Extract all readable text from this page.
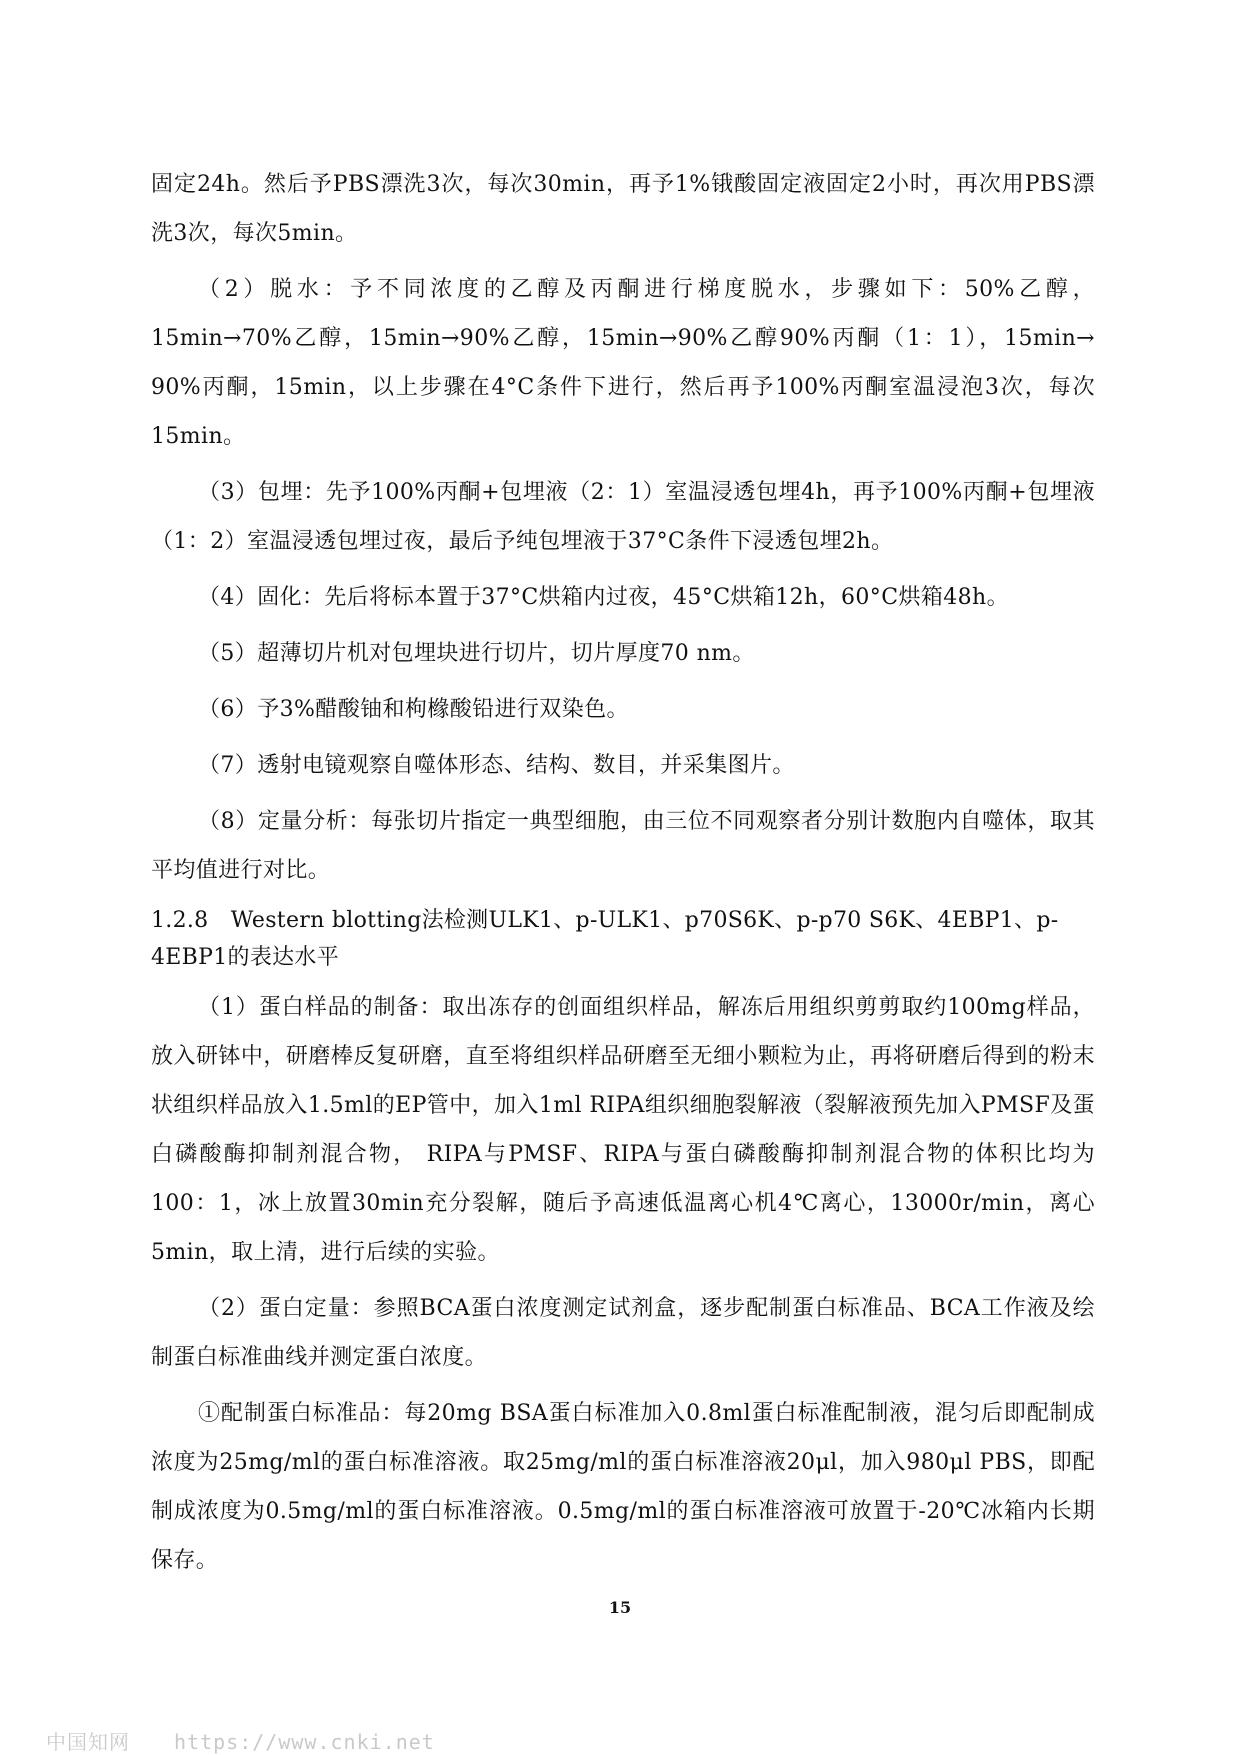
固定24h。然后予PBS漂洗3次，每次30min，再予1%锇酸固定液固定2小时，再次用PBS漂洗3次，每次5min。

（2）脱水：予不同浓度的乙醇及丙酮进行梯度脱水，步骤如下：50%乙醇，15min→70%乙醇，15min→90%乙醇，15min→90%乙醇90%丙酮（1：1），15min→ 90%丙酮，15min，以上步骤在4°C条件下进行，然后再予100%丙酮室温浸泡3次，每次15min。

（3）包埋：先予100%丙酮+包埋液（2：1）室温浸透包埋4h，再予100%丙酮+包埋液（1：2）室温浸透包埋过夜，最后予纯包埋液于37°C条件下浸透包埋2h。

（4）固化：先后将标本置于37°C烘箱内过夜，45°C烘箱12h，60°C烘箱48h。

（5）超薄切片机对包埋块进行切片，切片厚度70 nm。

（6）予3%醋酸铀和枸橼酸铅进行双染色。

（7）透射电镜观察自噬体形态、结构、数目，并采集图片。

（8）定量分析：每张切片指定一典型细胞，由三位不同观察者分别计数胞内自噬体，取其平均值进行对比。

1.2.8　Western blotting法检测ULK1、p-ULK1、p70S6K、p-p70 S6K、4EBP1、p-4EBP1的表达水平

（1）蛋白样品的制备：取出冻存的创面组织样品，解冻后用组织剪剪取约100mg样品，放入研钵中，研磨棒反复研磨，直至将组织样品研磨至无细小颗粒为止，再将研磨后得到的粉末状组织样品放入1.5ml的EP管中，加入1ml RIPA组织细胞裂解液（裂解液预先加入PMSF及蛋白磷酸酶抑制剂混合物， RIPA与PMSF、RIPA与蛋白磷酸酶抑制剂混合物的体积比均为100：1，冰上放置30min充分裂解，随后予高速低温离心机4℃离心，13000r/min，离心5min，取上清，进行后续的实验。

（2）蛋白定量：参照BCA蛋白浓度测定试剂盒，逐步配制蛋白标准品、BCA工作液及绘制蛋白标准曲线并测定蛋白浓度。

①配制蛋白标准品：每20mg BSA蛋白标准加入0.8ml蛋白标准配制液，混匀后即配制成浓度为25mg/ml的蛋白标准溶液。取25mg/ml的蛋白标准溶液20μl，加入980μl PBS，即配制成浓度为0.5mg/ml的蛋白标准溶液。0.5mg/ml的蛋白标准溶液可放置于-20℃冰箱内长期保存。

15
中国知网 https://www.cnki.net
